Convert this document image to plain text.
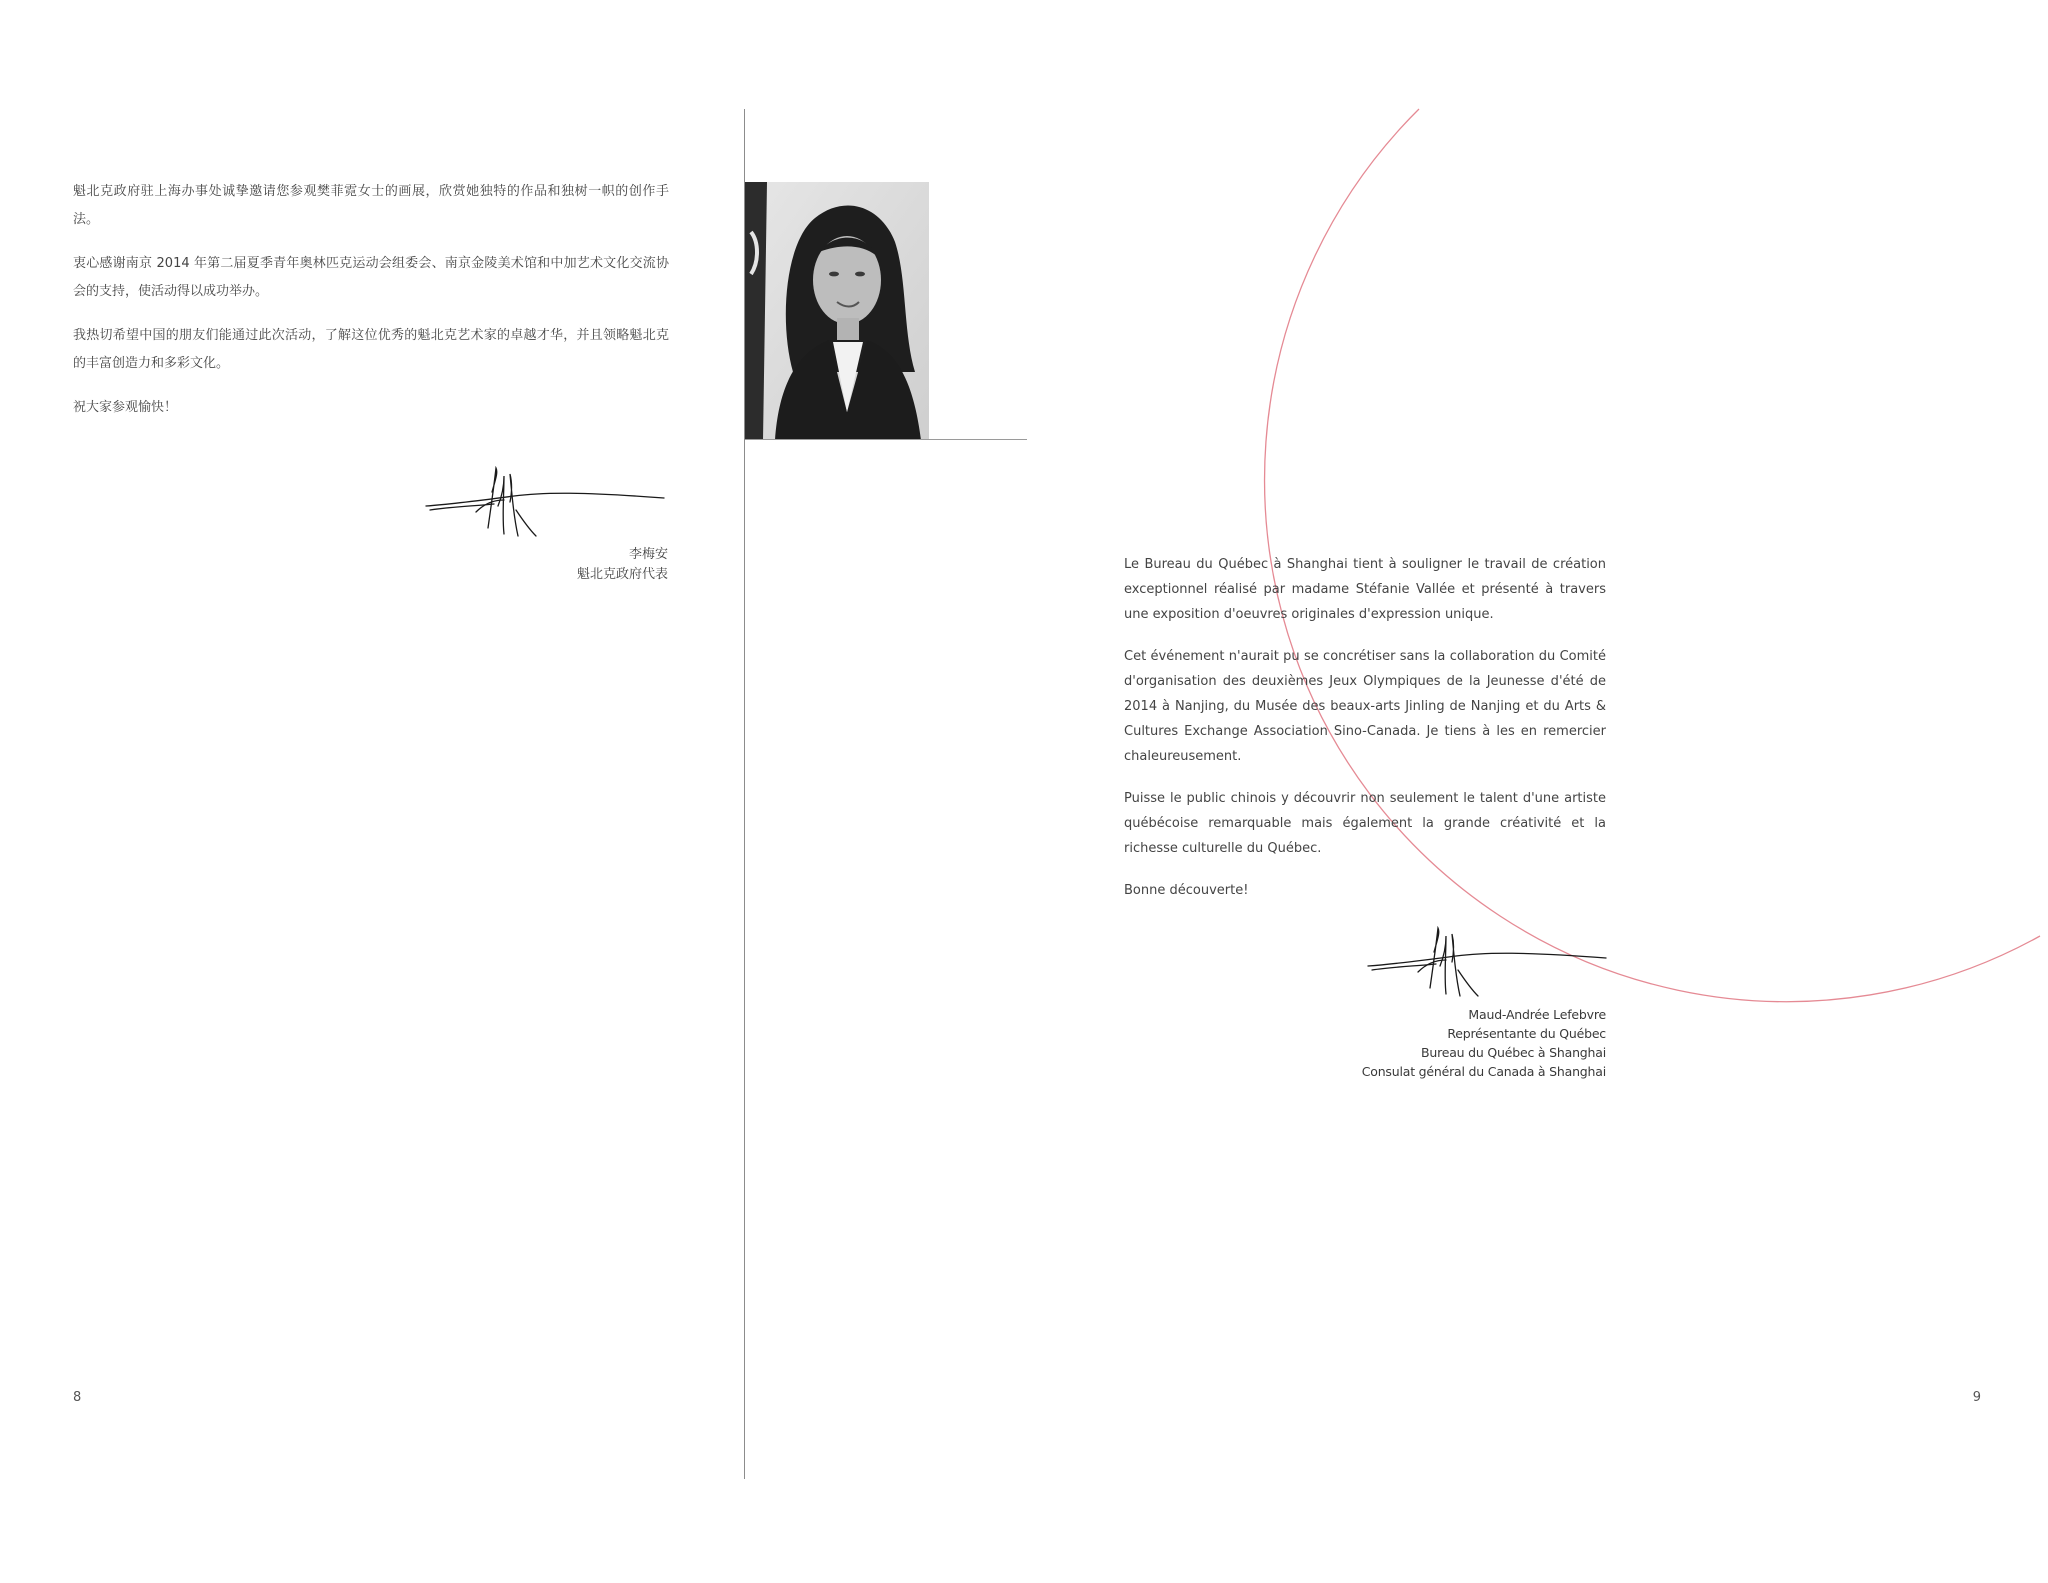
魁北克政府驻上海办事处诚挚邀请您参观樊菲霓女士的画展，欣赏她独特的作品和独树一帜的创作手法。

衷心感谢南京 2014 年第二届夏季青年奥林匹克运动会组委会、南京金陵美术馆和中加艺术文化交流协会的支持，使活动得以成功举办。

我热切希望中国的朋友们能通过此次活动，了解这位优秀的魁北克艺术家的卓越才华，并且领略魁北克的丰富创造力和多彩文化。

祝大家参观愉快！

李梅安
魁北克政府代表
8

Le Bureau du Québec à Shanghai tient à souligner le travail de création exceptionnel réalisé par madame Stéfanie Vallée et présenté à travers une exposition d'oeuvres originales d'expression unique.

Cet événement n'aurait pu se concrétiser sans la collaboration du Comité d'organisation des deuxièmes Jeux Olympiques de la Jeunesse d'été de 2014 à Nanjing, du Musée des beaux-arts Jinling de Nanjing et du Arts & Cultures Exchange Association Sino-Canada. Je tiens à les en remercier chaleureusement.

Puisse le public chinois y découvrir non seulement le talent d'une artiste québécoise remarquable mais également la grande créativité et la richesse culturelle du Québec.

Bonne découverte!

Maud-Andrée Lefebvre
Représentante du Québec
Bureau du Québec à Shanghai
Consulat général du Canada à Shanghai
9
